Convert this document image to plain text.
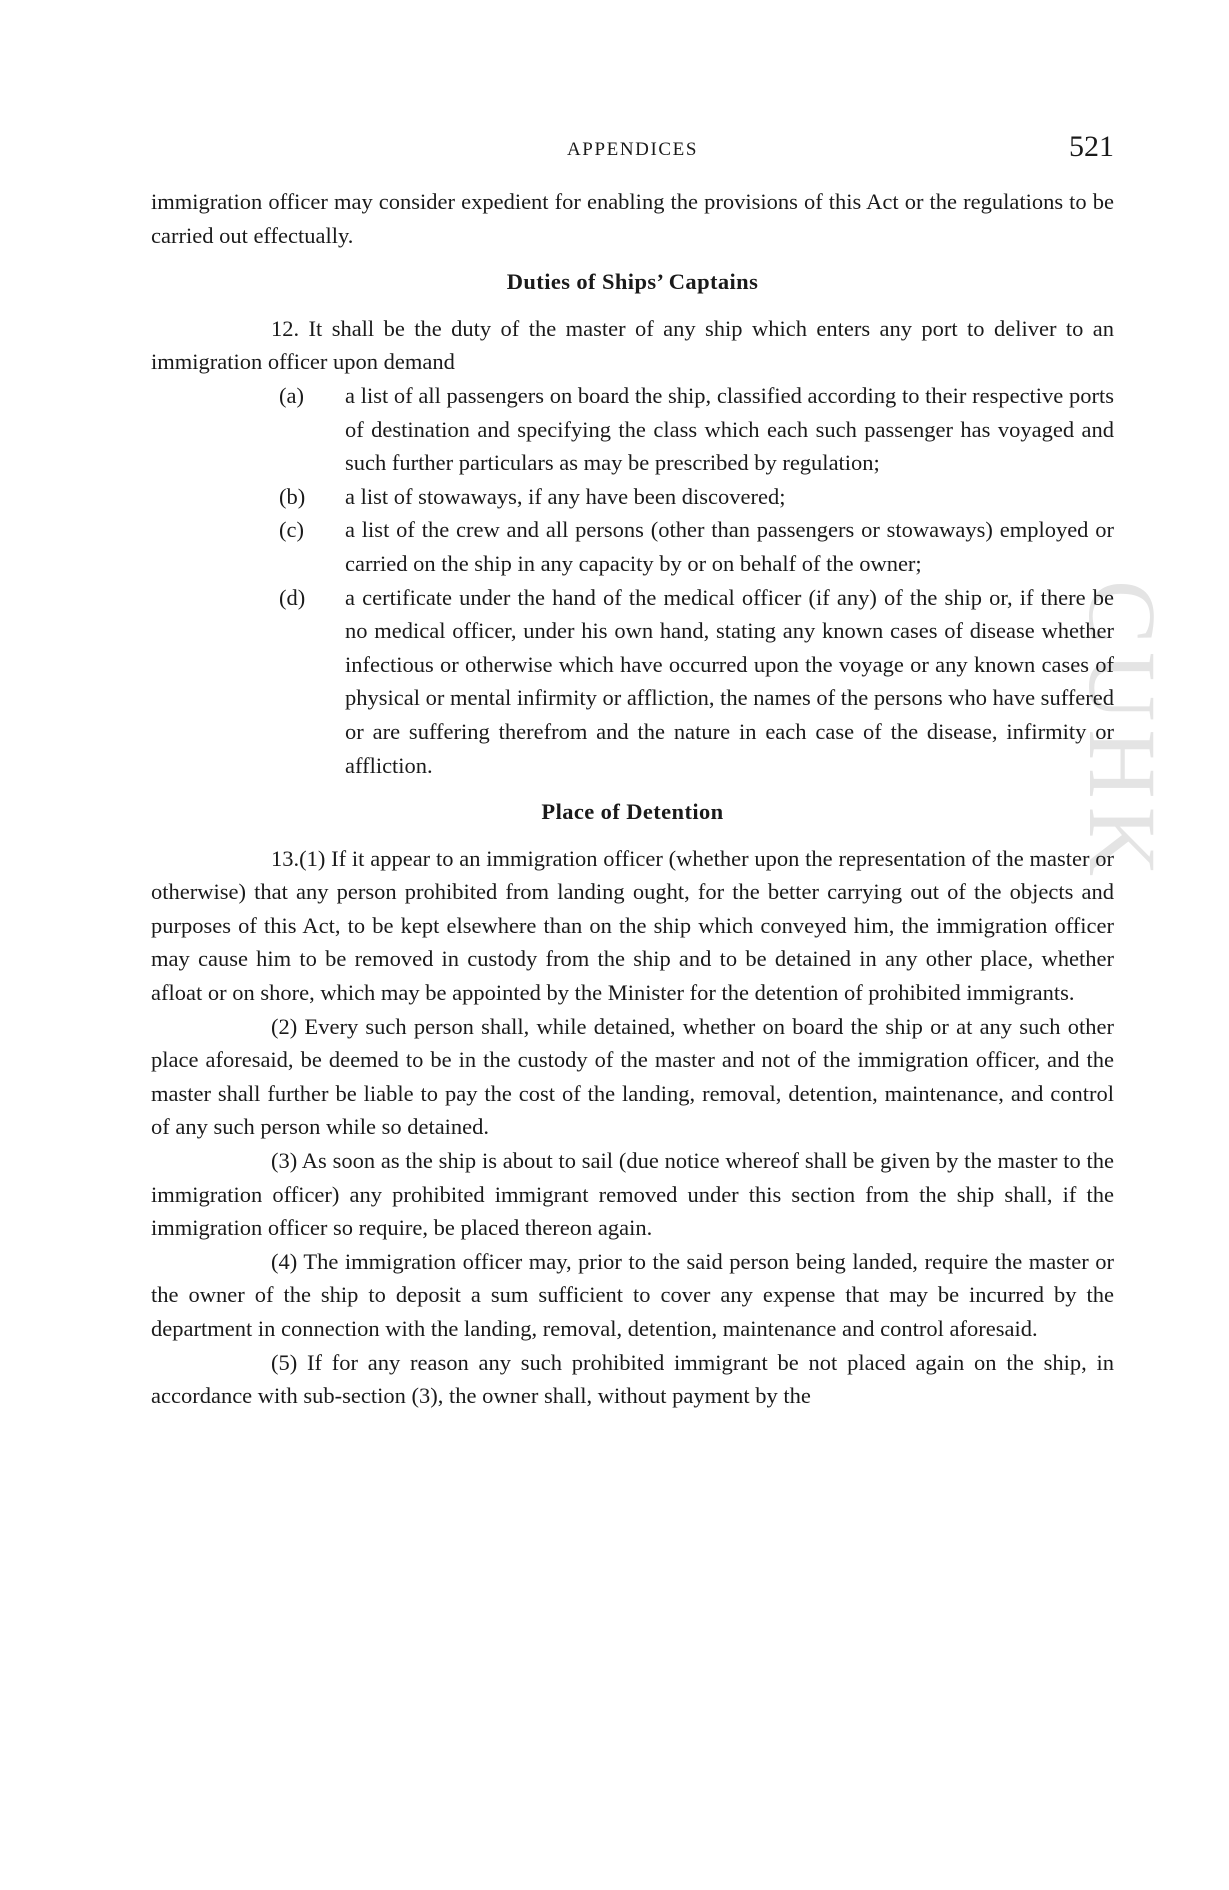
CUHK
APPENDICES	521

immigration officer may consider expedient for enabling the provisions of this Act or the regulations to be carried out effectually.

Duties of Ships’ Captains

12. It shall be the duty of the master of any ship which enters any port to deliver to an immigration officer upon demand

(a)	a list of all passengers on board the ship, classified according to their respective ports of destination and specifying the class which each such passenger has voyaged and such further particulars as may be prescribed by regulation;
(b)	a list of stowaways, if any have been discovered;
(c)	a list of the crew and all persons (other than passengers or stowaways) employed or carried on the ship in any capacity by or on behalf of the owner;
(d)	a certificate under the hand of the medical officer (if any) of the ship or, if there be no medical officer, under his own hand, stating any known cases of disease whether infectious or otherwise which have occurred upon the voyage or any known cases of physical or mental infirmity or affliction, the names of the persons who have suffered or are suffering therefrom and the nature in each case of the disease, infirmity or affliction.

Place of Detention

13.(1) If it appear to an immigration officer (whether upon the representation of the master or otherwise) that any person prohibited from landing ought, for the better carrying out of the objects and purposes of this Act, to be kept elsewhere than on the ship which conveyed him, the immigration officer may cause him to be removed in custody from the ship and to be detained in any other place, whether afloat or on shore, which may be appointed by the Minister for the detention of prohibited immigrants.

(2) Every such person shall, while detained, whether on board the ship or at any such other place aforesaid, be deemed to be in the custody of the master and not of the immigration officer, and the master shall further be liable to pay the cost of the landing, removal, detention, maintenance, and control of any such person while so detained.

(3) As soon as the ship is about to sail (due notice whereof shall be given by the master to the immigration officer) any prohibited immigrant removed under this section from the ship shall, if the immigration officer so require, be placed thereon again.

(4) The immigration officer may, prior to the said person being landed, require the master or the owner of the ship to deposit a sum sufficient to cover any expense that may be incurred by the department in connection with the landing, removal, detention, maintenance and control aforesaid.

(5) If for any reason any such prohibited immigrant be not placed again on the ship, in accordance with sub-section (3), the owner shall, without payment by the
